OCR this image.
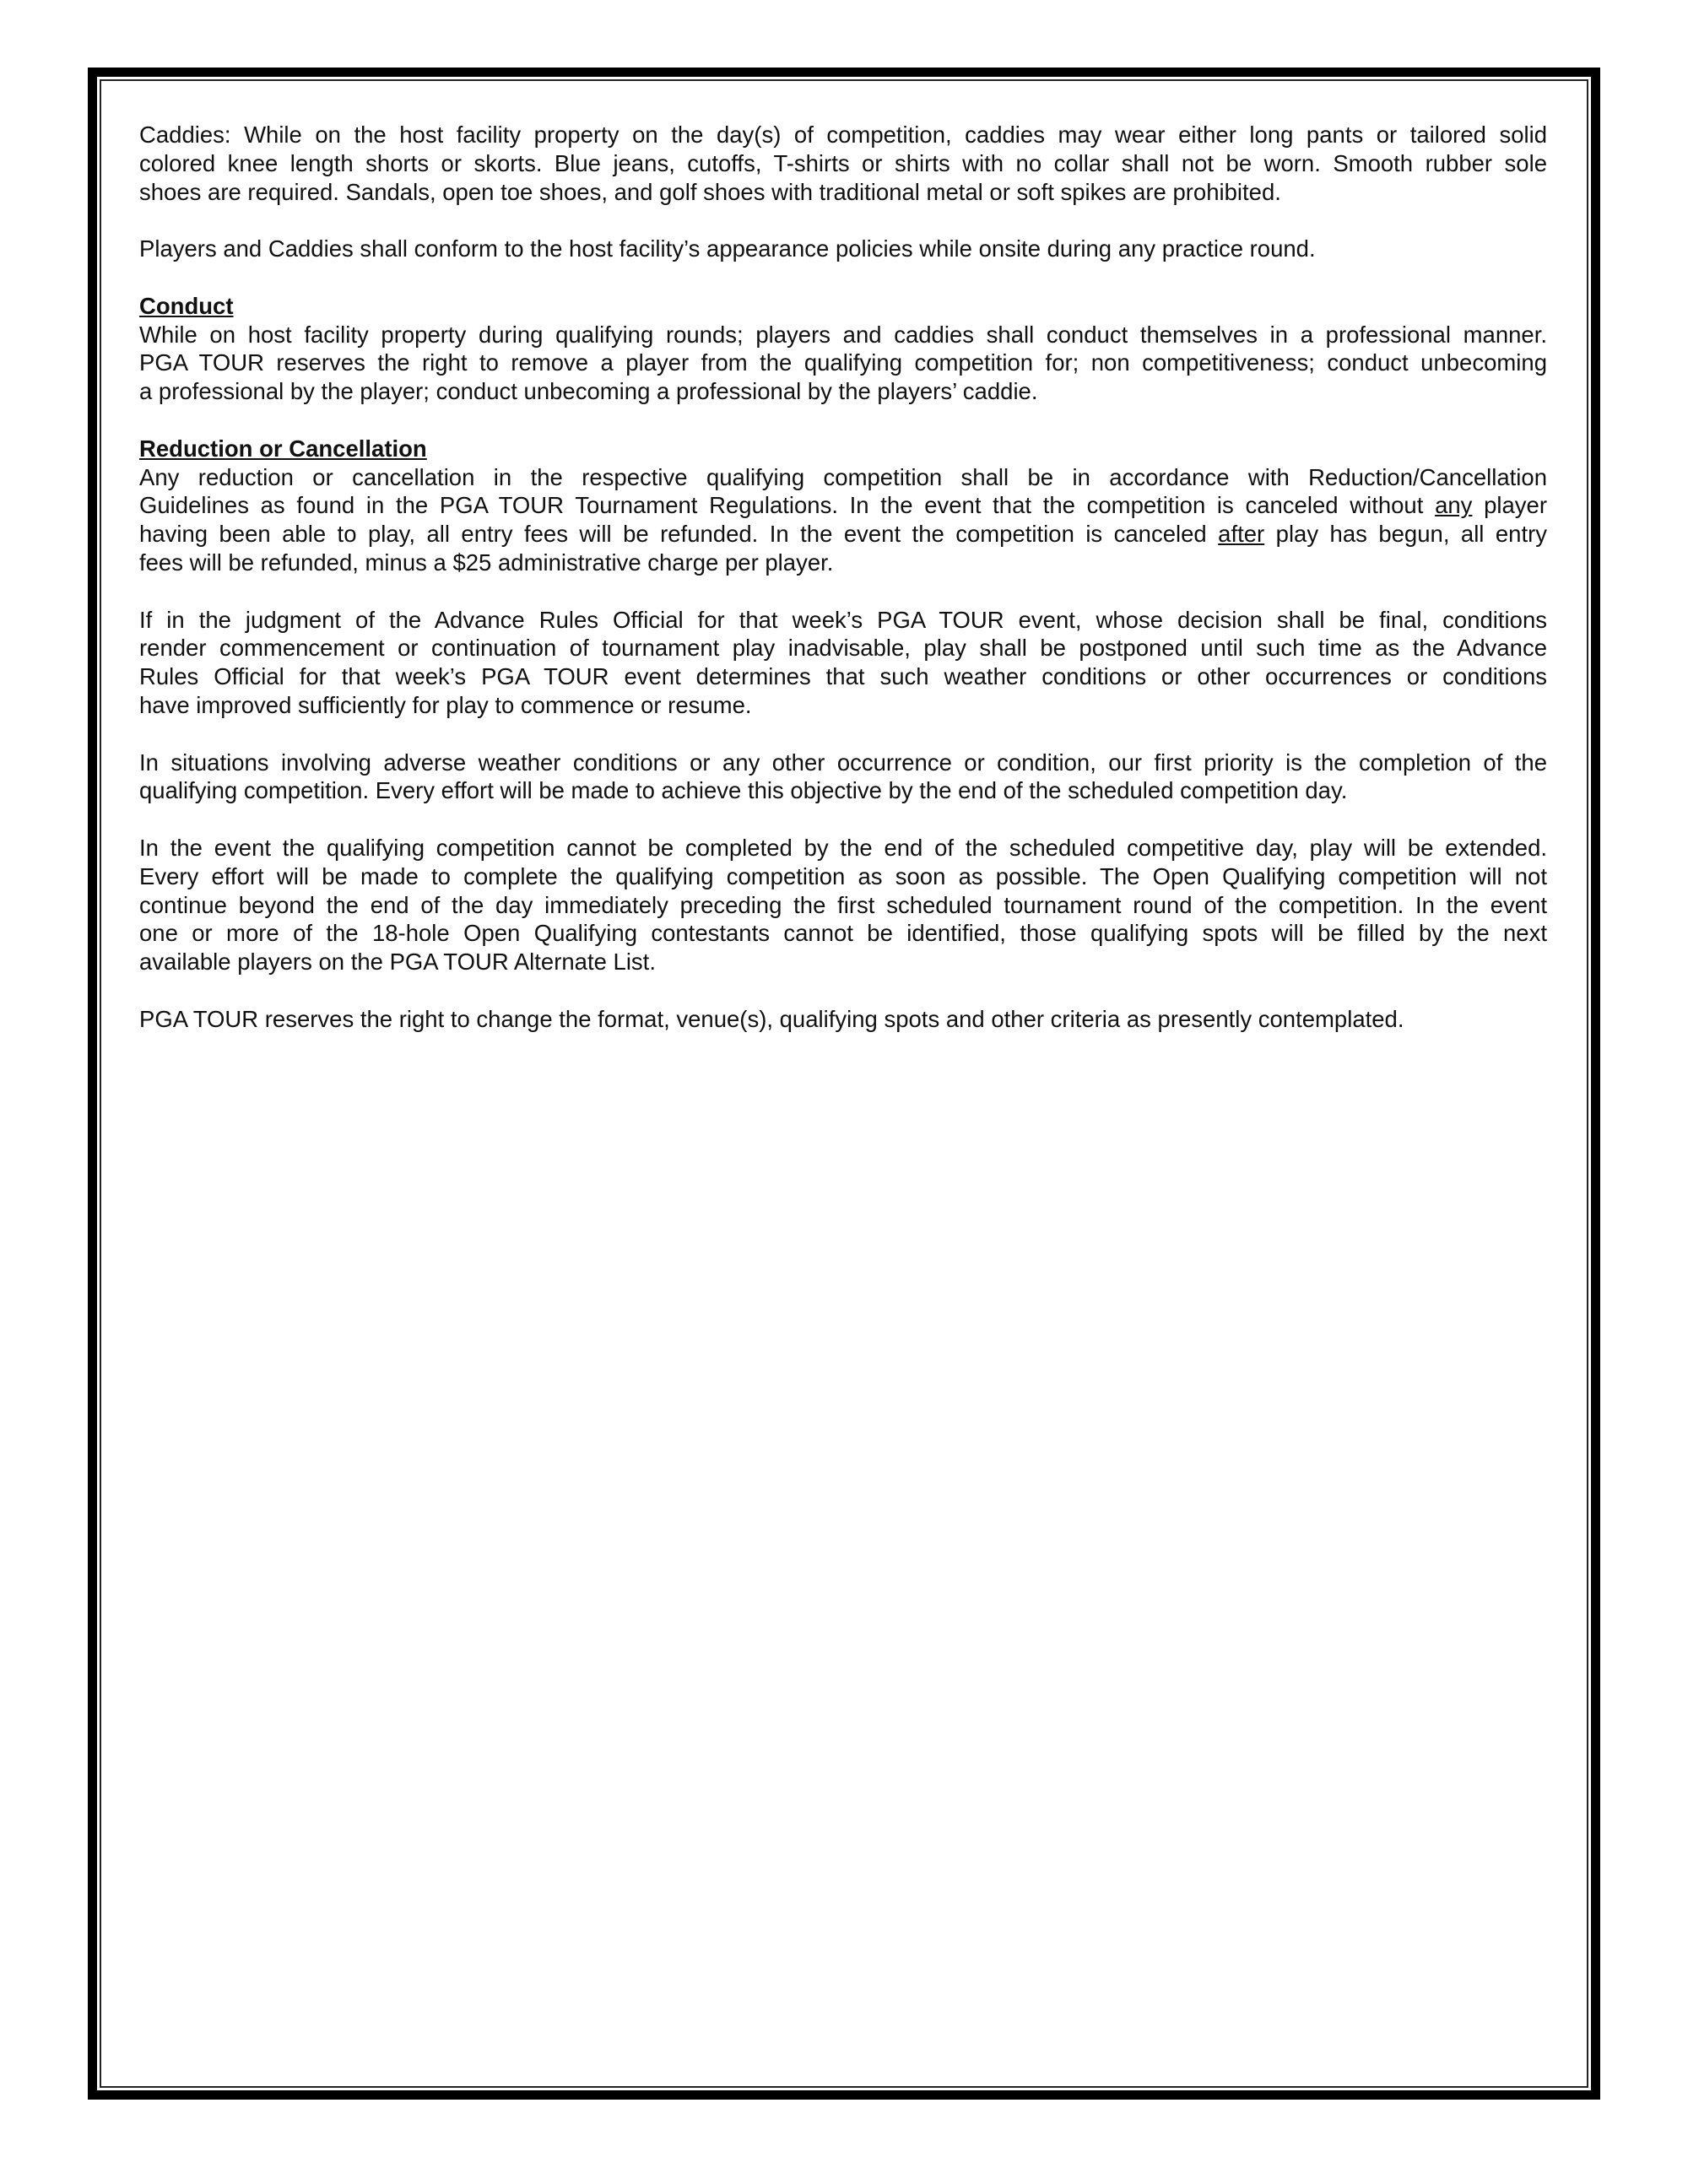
Caddies: While on the host facility property on the day(s) of competition, caddies may wear either long pants or tailored solid
colored knee length shorts or skorts. Blue jeans, cutoffs, T-shirts or shirts with no collar shall not be worn. Smooth rubber sole
shoes are required. Sandals, open toe shoes, and golf shoes with traditional metal or soft spikes are prohibited.
Players and Caddies shall conform to the host facility’s appearance policies while onsite during any practice round.
Conduct
While on host facility property during qualifying rounds; players and caddies shall conduct themselves in a professional manner.
PGA TOUR reserves the right to remove a player from the qualifying competition for; non competitiveness; conduct unbecoming
a professional by the player; conduct unbecoming a professional by the players’ caddie.
Reduction or Cancellation
Any reduction or cancellation in the respective qualifying competition shall be in accordance with Reduction/Cancellation
Guidelines as found in the PGA TOUR Tournament Regulations. In the event that the competition is canceled without any player
having been able to play, all entry fees will be refunded. In the event the competition is canceled after play has begun, all entry
fees will be refunded, minus a $25 administrative charge per player.
If in the judgment of the Advance Rules Official for that week’s PGA TOUR event, whose decision shall be final, conditions
render commencement or continuation of tournament play inadvisable, play shall be postponed until such time as the Advance
Rules Official for that week’s PGA TOUR event determines that such weather conditions or other occurrences or conditions
have improved sufficiently for play to commence or resume.
In situations involving adverse weather conditions or any other occurrence or condition, our first priority is the completion of the
qualifying competition. Every effort will be made to achieve this objective by the end of the scheduled competition day.
In the event the qualifying competition cannot be completed by the end of the scheduled competitive day, play will be extended.
Every effort will be made to complete the qualifying competition as soon as possible. The Open Qualifying competition will not
continue beyond the end of the day immediately preceding the first scheduled tournament round of the competition. In the event
one or more of the 18-hole Open Qualifying contestants cannot be identified, those qualifying spots will be filled by the next
available players on the PGA TOUR Alternate List.
PGA TOUR reserves the right to change the format, venue(s), qualifying spots and other criteria as presently contemplated.
